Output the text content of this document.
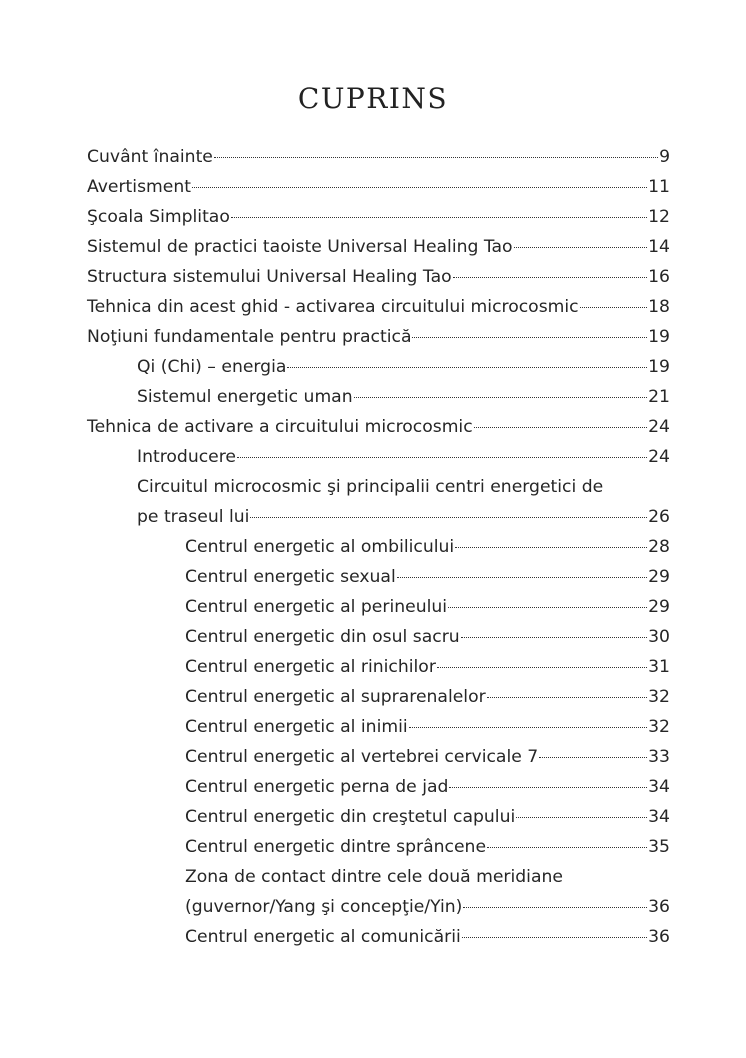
CUPRINS
Cuvânt înainte	9
Avertisment	11
Şcoala Simplitao	12
Sistemul de practici taoiste Universal Healing Tao	14
Structura sistemului Universal Healing Tao	16
Tehnica din acest ghid - activarea circuitului microcosmic	18
Noţiuni fundamentale pentru practică	19
Qi (Chi) – energia	19
Sistemul energetic uman	21
Tehnica de activare a circuitului microcosmic	24
Introducere	24
Circuitul microcosmic şi principalii centri energetici de
pe traseul lui	26
Centrul energetic al ombilicului	28
Centrul energetic sexual	29
Centrul energetic al perineului	29
Centrul energetic din osul sacru	30
Centrul energetic al rinichilor	31
Centrul energetic al suprarenalelor	32
Centrul energetic al inimii	32
Centrul energetic al vertebrei cervicale 7	33
Centrul energetic perna de jad	34
Centrul energetic din creştetul capului	34
Centrul energetic dintre sprâncene	35
Zona de contact dintre cele două meridiane
(guvernor/Yang şi concepţie/Yin)	36
Centrul energetic al comunicării	36
